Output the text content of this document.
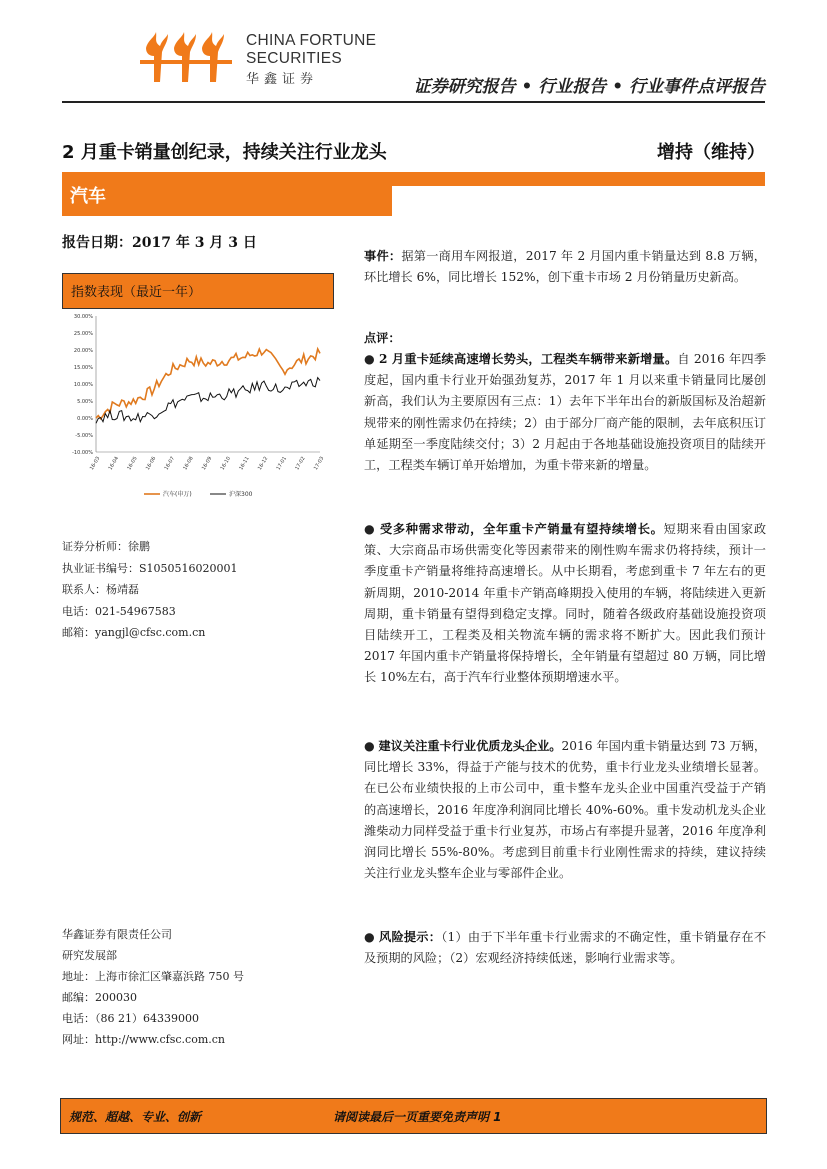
CHINA FORTUNE
SECURITIES
华鑫证券	证券研究报告 • 行业报告 • 行业事件点评报告
2 月重卡销量创纪录，持续关注行业龙头	增持（维持）
汽车
报告日期：2017 年 3 月 3 日
指数表现（最近一年）
30.00%
25.00%
20.00%
15.00%
10.00%
5.00%
0.00%
-5.00%
-10.00%
16-03 16-04 16-05 16-06 16-07 16-08 16-09 16-10 16-11 16-12 17-01 17-02 17-03
汽车(申万)	沪深300
证券分析师：徐鹏
执业证书编号：S1050516020001
联系人：杨靖磊
电话：021-54967583
邮箱：yangjl@cfsc.com.cn
华鑫证券有限责任公司
研究发展部
地址：上海市徐汇区肇嘉浜路 750 号
邮编：200030
电话：（86 21）64339000
网址：http://www.cfsc.com.cn

事件：据第一商用车网报道，2017 年 2 月国内重卡销量达到 8.8 万辆，环比增长 6%，同比增长 152%，创下重卡市场 2 月份销量历史新高。

点评：

● 2 月重卡延续高速增长势头，工程类车辆带来新增量。自 2016 年四季度起，国内重卡行业开始强劲复苏，2017 年 1 月以来重卡销量同比屡创新高，我们认为主要原因有三点：1）去年下半年出台的新版国标及治超新规带来的刚性需求仍在持续；2）由于部分厂商产能的限制，去年底积压订单延期至一季度陆续交付；3）2 月起由于各地基础设施投资项目的陆续开工，工程类车辆订单开始增加，为重卡带来新的增量。

● 受多种需求带动，全年重卡产销量有望持续增长。短期来看由国家政策、大宗商品市场供需变化等因素带来的刚性购车需求仍将持续，预计一季度重卡产销量将维持高速增长。从中长期看，考虑到重卡 7 年左右的更新周期，2010-2014 年重卡产销高峰期投入使用的车辆，将陆续进入更新周期，重卡销量有望得到稳定支撑。同时，随着各级政府基础设施投资项目陆续开工，工程类及相关物流车辆的需求将不断扩大。因此我们预计 2017 年国内重卡产销量将保持增长，全年销量有望超过 80 万辆，同比增长 10%左右，高于汽车行业整体预期增速水平。

● 建议关注重卡行业优质龙头企业。2016 年国内重卡销量达到 73 万辆，同比增长 33%，得益于产能与技术的优势，重卡行业龙头业绩增长显著。在已公布业绩快报的上市公司中，重卡整车龙头企业中国重汽受益于产销的高速增长，2016 年度净利润同比增长 40%-60%。重卡发动机龙头企业潍柴动力同样受益于重卡行业复苏，市场占有率提升显著，2016 年度净利润同比增长 55%-80%。考虑到目前重卡行业刚性需求的持续，建议持续关注行业龙头整车企业与零部件企业。

● 风险提示：（1）由于下半年重卡行业需求的不确定性，重卡销量存在不及预期的风险；（2）宏观经济持续低迷，影响行业需求等。

规范、超越、专业、创新	请阅读最后一页重要免责声明 1
